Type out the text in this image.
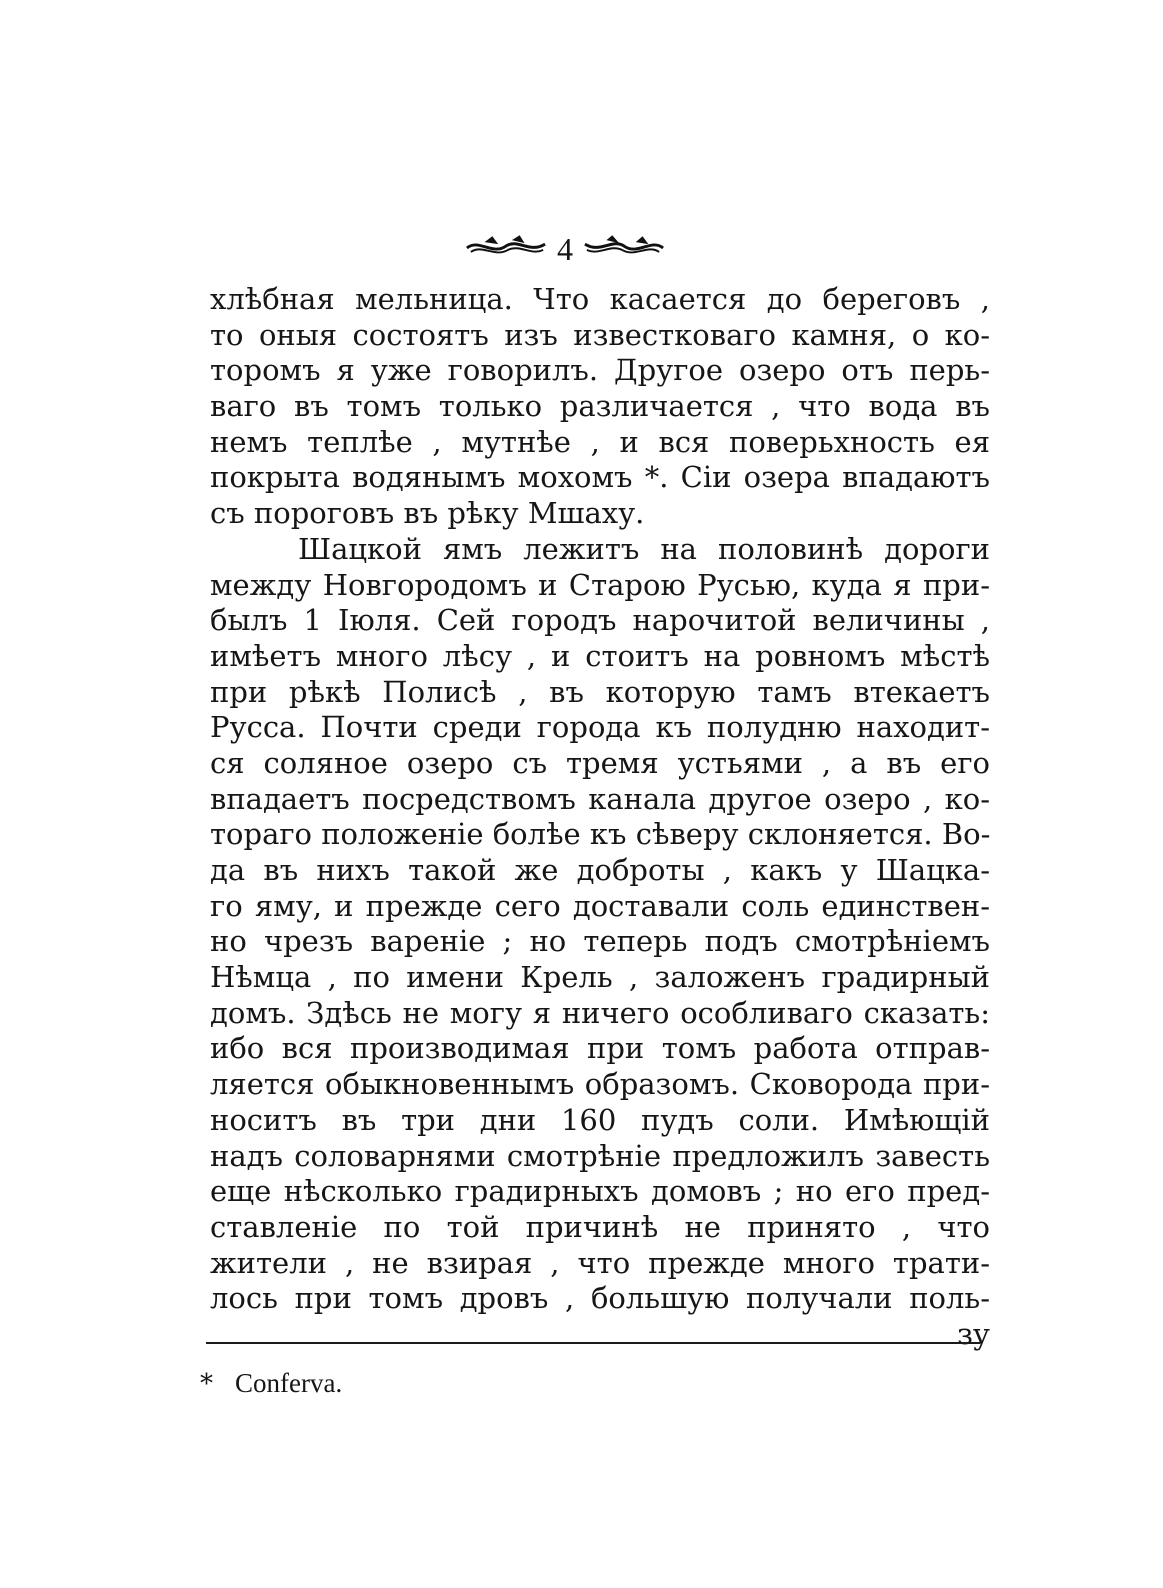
4
хлѣбная мельница. Что касается до береговъ ,
то оныя состоятъ изъ известковаго камня, о ко-
торомъ я уже говорилъ. Другое озеро отъ перь-
ваго въ томъ только различается , что вода въ
немъ теплѣе , мутнѣе , и вся поверьхность ея
покрыта водянымъ мохомъ *. Сіи озера впадаютъ
съ пороговъ въ рѣку Мшаху.
Шацкой ямъ лежитъ на половинѣ дороги
между Новгородомъ и Старою Русью, куда я при-
былъ 1 Іюля. Сей городъ нарочитой величины ,
имѣетъ много лѣсу , и стоитъ на ровномъ мѣстѣ
при рѣкѣ Полисѣ , въ которую тамъ втекаетъ
Русса. Почти среди города къ полудню находит-
ся соляное озеро съ тремя устьями , а въ его
впадаетъ посредствомъ канала другое озеро , ко-
тораго положеніе болѣе къ сѣверу склоняется. Во-
да въ нихъ такой же доброты , какъ у Шацка-
го яму, и прежде сего доставали соль единствен-
но чрезъ вареніе ; но теперь подъ смотрѣніемъ
Нѣмца , по имени Крель , заложенъ градирный
домъ. Здѣсь не могу я ничего особливаго сказать:
ибо вся производимая при томъ работа отправ-
ляется обыкновеннымъ образомъ. Сковорода при-
носитъ въ три дни 160 пудъ соли. Имѣющій
надъ соловарнями смотрѣніе предложилъ завесть
еще нѣсколько градирныхъ домовъ ; но его пред-
ставленіе по той причинѣ не принято , что
жители , не взирая , что прежде много трати-
лось при томъ дровъ , большую получали поль-
зу
* Conferva.
